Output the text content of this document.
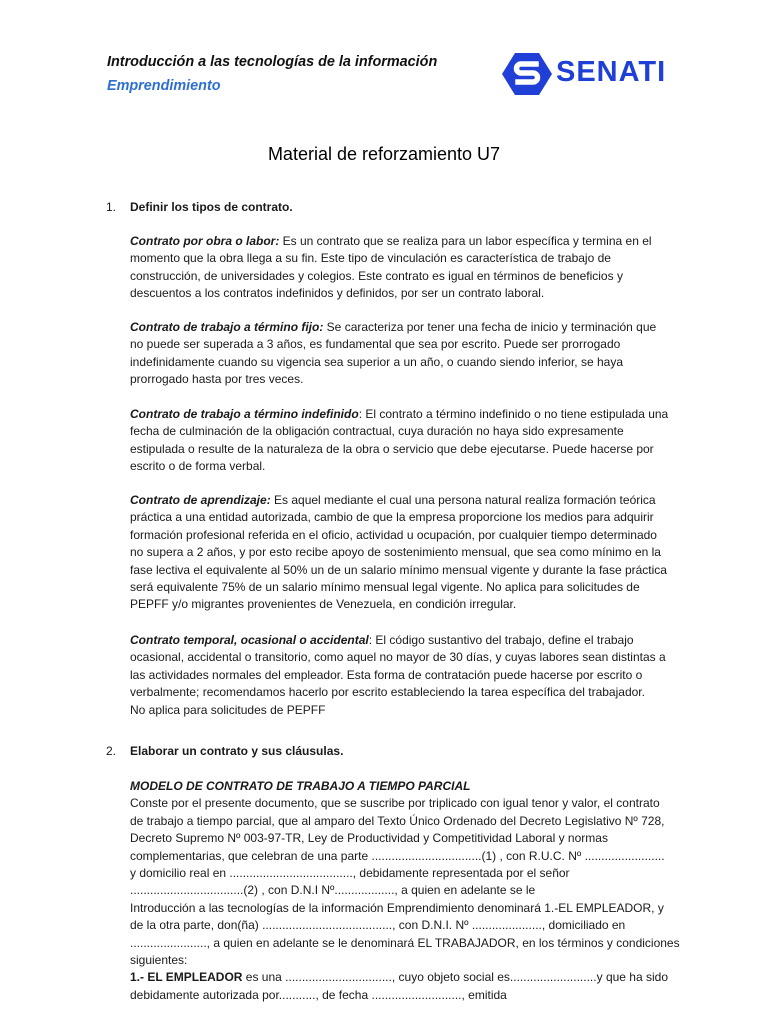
Introducción a las tecnologías de la información
Emprendimiento	SENATI
Material de reforzamiento U7
1. Definir los tipos de contrato.
Contrato por obra o labor: Es un contrato que se realiza para un labor específica y termina en el
momento que la obra llega a su fin. Este tipo de vinculación es característica de trabajo de
construcción, de universidades y colegios. Este contrato es igual en términos de beneficios y
descuentos a los contratos indefinidos y definidos, por ser un contrato laboral.
Contrato de trabajo a término fijo: Se caracteriza por tener una fecha de inicio y terminación que
no puede ser superada a 3 años, es fundamental que sea por escrito. Puede ser prorrogado
indefinidamente cuando su vigencia sea superior a un año, o cuando siendo inferior, se haya
prorrogado hasta por tres veces.
Contrato de trabajo a término indefinido: El contrato a término indefinido o no tiene estipulada una
fecha de culminación de la obligación contractual, cuya duración no haya sido expresamente
estipulada o resulte de la naturaleza de la obra o servicio que debe ejecutarse. Puede hacerse por
escrito o de forma verbal.
Contrato de aprendizaje: Es aquel mediante el cual una persona natural realiza formación teórica
práctica a una entidad autorizada, cambio de que la empresa proporcione los medios para adquirir
formación profesional referida en el oficio, actividad u ocupación, por cualquier tiempo determinado
no supera a 2 años, y por esto recibe apoyo de sostenimiento mensual, que sea como mínimo en la
fase lectiva el equivalente al 50% un de un salario mínimo mensual vigente y durante la fase práctica
será equivalente 75% de un salario mínimo mensual legal vigente. No aplica para solicitudes de
PEPFF y/o migrantes provenientes de Venezuela, en condición irregular.
Contrato temporal, ocasional o accidental: El código sustantivo del trabajo, define el trabajo
ocasional, accidental o transitorio, como aquel no mayor de 30 días, y cuyas labores sean distintas a
las actividades normales del empleador. Esta forma de contratación puede hacerse por escrito o
verbalmente; recomendamos hacerlo por escrito estableciendo la tarea específica del trabajador.
No aplica para solicitudes de PEPFF
2. Elaborar un contrato y sus cláusulas.
MODELO DE CONTRATO DE TRABAJO A TIEMPO PARCIAL
Conste por el presente documento, que se suscribe por triplicado con igual tenor y valor, el contrato
de trabajo a tiempo parcial, que al amparo del Texto Único Ordenado del Decreto Legislativo Nº 728,
Decreto Supremo Nº 003-97-TR, Ley de Productividad y Competitividad Laboral y normas
complementarias, que celebran de una parte .................................(1) , con R.U.C. Nº ........................
y domicilio real en ....................................., debidamente representada por el señor
..................................(2) , con D.N.I Nº.................., a quien en adelante se le
Introducción a las tecnologías de la información Emprendimiento denominará 1.-EL EMPLEADOR, y
de la otra parte, don(ña) ......................................., con D.N.I. Nº ....................., domiciliado en
......................., a quien en adelante se le denominará EL TRABAJADOR, en los términos y condiciones
siguientes:
1.- EL EMPLEADOR es una ................................, cuyo objeto social es..........................y que ha sido
debidamente autorizada por..........., de fecha ..........................., emitida
